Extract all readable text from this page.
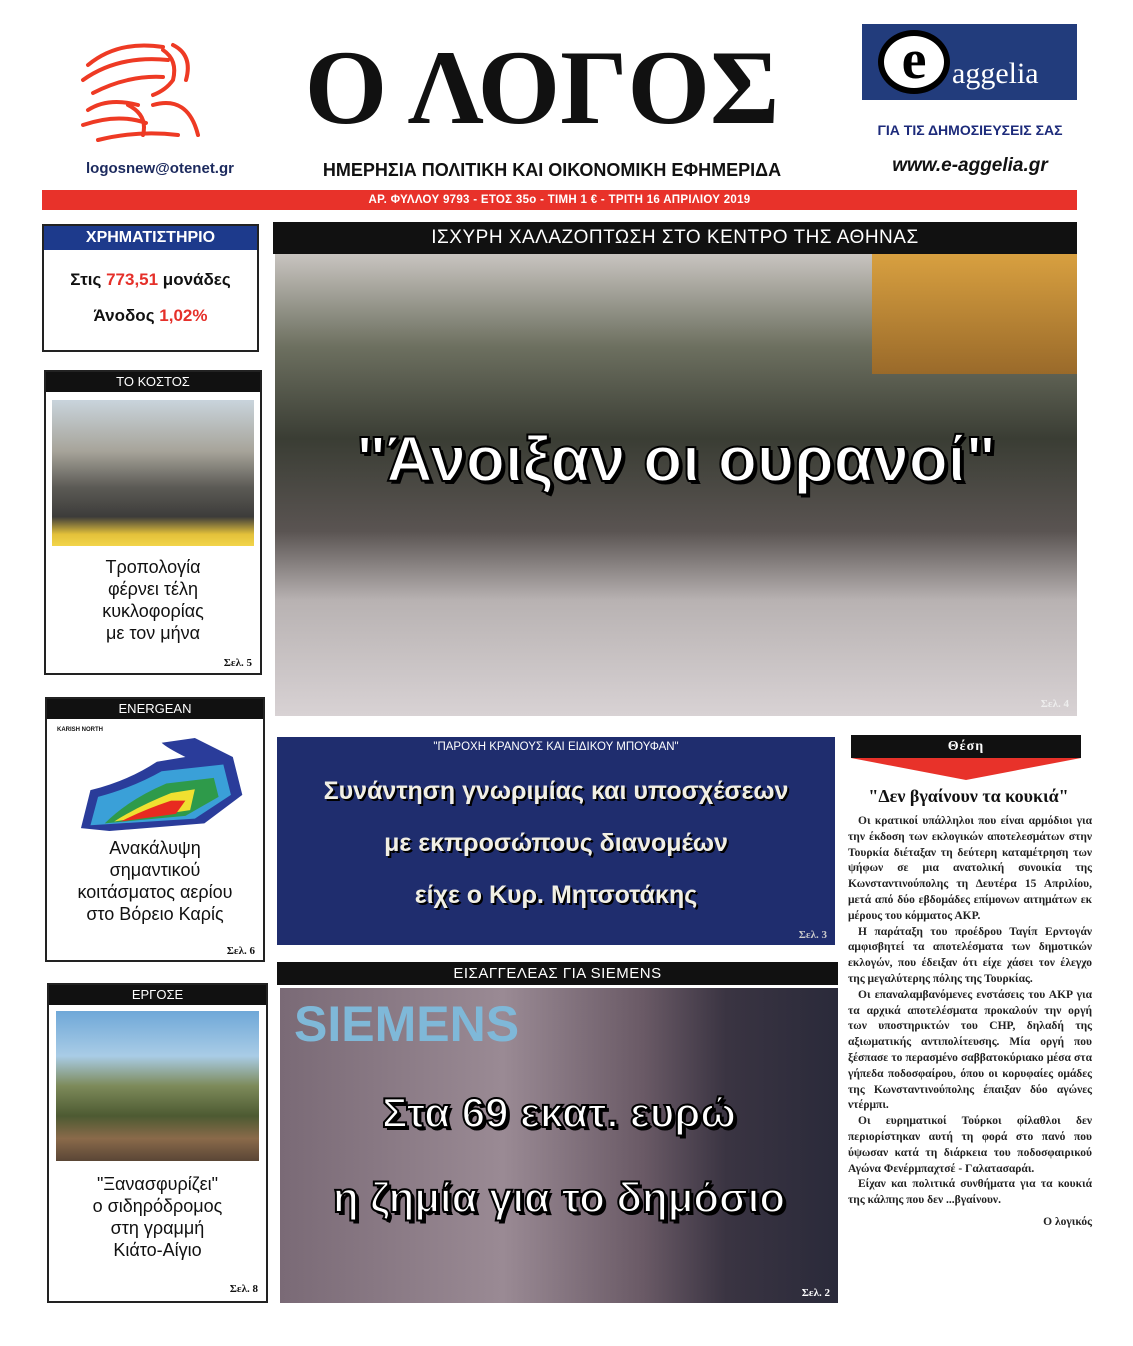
logosnew@otenet.gr
Ο ΛΟΓΟΣ
ΗΜΕΡΗΣΙΑ ΠΟΛΙΤΙΚΗ ΚΑΙ ΟΙΚΟΝΟΜΙΚΗ ΕΦΗΜΕΡΙΔΑ
e aggelia
ΓΙΑ ΤΙΣ ΔΗΜΟΣΙΕΥΣΕΙΣ ΣΑΣ
www.e-aggelia.gr
ΑΡ. ΦΥΛΛΟΥ 9793 - ΕΤΟΣ 35ο - ΤΙΜΗ 1 € - ΤΡΙΤΗ 16 ΑΠΡΙΛΙΟΥ 2019
ΧΡΗΜΑΤΙΣΤΗΡΙΟ
Στις 773,51 μονάδες
Άνοδος 1,02%
ΤΟ ΚΟΣΤΟΣ
Τροπολογία
φέρνει τέλη
κυκλοφορίας
με τον μήνα
Σελ. 5
ENERGEAN
KARISH NORTH
Ανακάλυψη
σημαντικού
κοιτάσματος αερίου
στο Βόρειο Καρίς
Σελ. 6
ΕΡΓΟΣΕ
"Ξανασφυρίζει"
ο σιδηρόδρομος
στη γραμμή
Κιάτο-Αίγιο
Σελ. 8
ΙΣΧΥΡΗ ΧΑΛΑΖΟΠΤΩΣΗ ΣΤΟ ΚΕΝΤΡΟ ΤΗΣ ΑΘΗΝΑΣ
"Άνοιξαν οι ουρανοί"
Σελ. 4
"ΠΑΡΟΧΗ ΚΡΑΝΟΥΣ ΚΑΙ ΕΙΔΙΚΟΥ ΜΠΟΥΦΑΝ"
Συνάντηση γνωριμίας και υποσχέσεων
με εκπροσώπους διανομέων
είχε ο Κυρ. Μητσοτάκης
Σελ. 3
ΕΙΣΑΓΓΕΛΕΑΣ ΓΙΑ SIEMENS
SIEMENS
Στα 69 εκατ. ευρώ
η ζημία για το δημόσιο
Σελ. 2
Θέση
"Δεν βγαίνουν τα κουκιά"

Οι κρατικοί υπάλληλοι που είναι αρμόδιοι για την έκδοση των εκλογικών αποτελεσμάτων στην Τουρκία διέταξαν τη δεύτερη καταμέτρηση των ψήφων σε μια ανατολική συνοικία της Κωνσταντινούπολης τη Δευτέρα 15 Απριλίου, μετά από δύο εβδομάδες επίμονων αιτημάτων εκ μέρους του κόμματος ΑΚΡ.

Η παράταξη του προέδρου Ταγίπ Ερντογάν αμφισβητεί τα αποτελέσματα των δημοτικών εκλογών, που έδειξαν ότι είχε χάσει τον έλεγχο της μεγαλύτερης πόλης της Τουρκίας.

Οι επαναλαμβανόμενες ενστάσεις του ΑΚΡ για τα αρχικά αποτελέσματα προκαλούν την οργή των υποστηρικτών του CHP, δηλαδή της αξιωματικής αντιπολίτευσης. Μία οργή που ξέσπασε το περασμένο σαββατοκύριακο μέσα στα γήπεδα ποδοσφαίρου, όπου οι κορυφαίες ομάδες της Κωνσταντινούπολης έπαιξαν δύο αγώνες ντέρμπι.

Οι ευρηματικοί Τούρκοι φίλαθλοι δεν περιορίστηκαν αυτή τη φορά στο πανό που ύψωσαν κατά τη διάρκεια του ποδοσφαιρικού Αγώνα Φενέρμπαχτσέ - Γαλατασαράι.

Είχαν και πολιτικά συνθήματα για τα κουκιά της κάλπης που δεν ...βγαίνουν.

Ο λογικός
